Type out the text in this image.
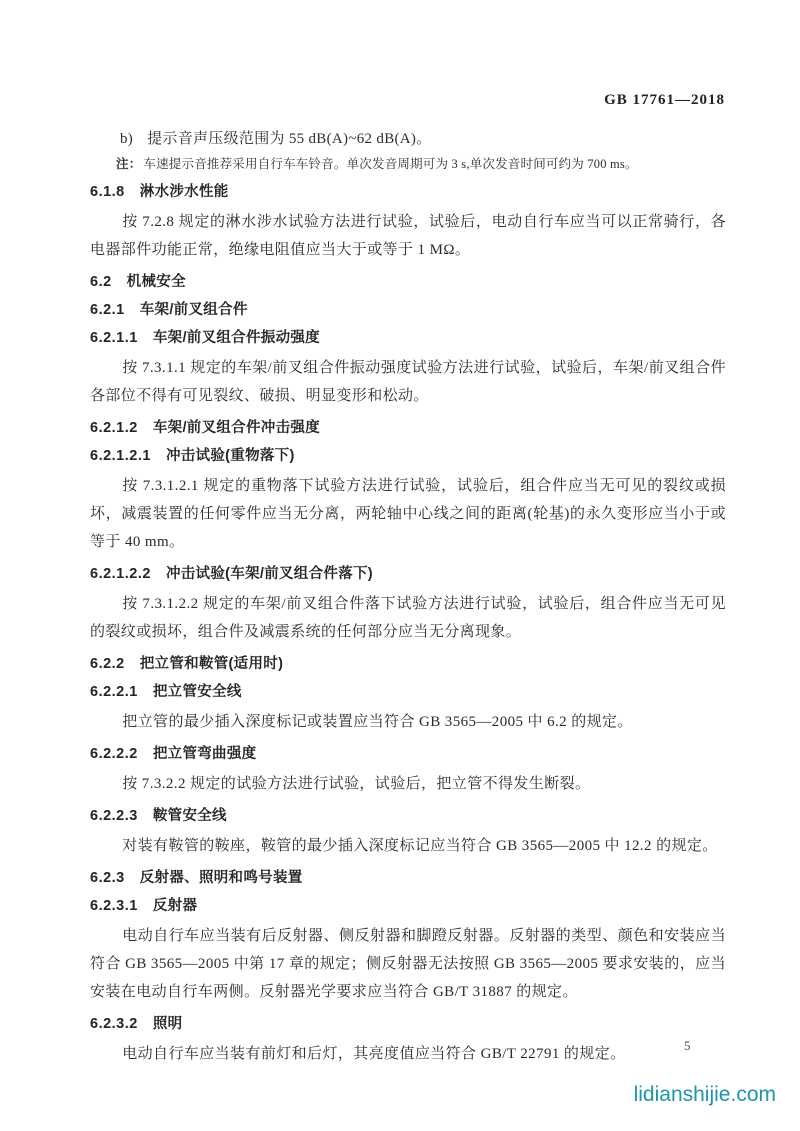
GB 17761—2018
b) 提示音声压级范围为 55 dB(A)~62 dB(A)。
注： 车速提示音推荐采用自行车车铃音。单次发音周期可为 3 s,单次发音时间可约为 700 ms。
6.1.8 淋水涉水性能

按 7.2.8 规定的淋水涉水试验方法进行试验，试验后，电动自行车应当可以正常骑行，各电器部件功能正常，绝缘电阻值应当大于或等于 1 MΩ。

6.2 机械安全
6.2.1 车架/前叉组合件
6.2.1.1 车架/前叉组合件振动强度

按 7.3.1.1 规定的车架/前叉组合件振动强度试验方法进行试验，试验后，车架/前叉组合件各部位不得有可见裂纹、破损、明显变形和松动。

6.2.1.2 车架/前叉组合件冲击强度
6.2.1.2.1 冲击试验(重物落下)

按 7.3.1.2.1 规定的重物落下试验方法进行试验，试验后，组合件应当无可见的裂纹或损坏，减震装置的任何零件应当无分离，两轮轴中心线之间的距离(轮基)的永久变形应当小于或等于 40 mm。

6.2.1.2.2 冲击试验(车架/前叉组合件落下)

按 7.3.1.2.2 规定的车架/前叉组合件落下试验方法进行试验，试验后，组合件应当无可见的裂纹或损坏，组合件及减震系统的任何部分应当无分离现象。

6.2.2 把立管和鞍管(适用时)
6.2.2.1 把立管安全线

把立管的最少插入深度标记或装置应当符合 GB 3565—2005 中 6.2 的规定。

6.2.2.2 把立管弯曲强度

按 7.3.2.2 规定的试验方法进行试验，试验后，把立管不得发生断裂。

6.2.2.3 鞍管安全线

对装有鞍管的鞍座，鞍管的最少插入深度标记应当符合 GB 3565—2005 中 12.2 的规定。

6.2.3 反射器、照明和鸣号装置
6.2.3.1 反射器

电动自行车应当装有后反射器、侧反射器和脚蹬反射器。反射器的类型、颜色和安装应当符合 GB 3565—2005 中第 17 章的规定；侧反射器无法按照 GB 3565—2005 要求安装的，应当安装在电动自行车两侧。反射器光学要求应当符合 GB/T 31887 的规定。

6.2.3.2 照明

电动自行车应当装有前灯和后灯，其亮度值应当符合 GB/T 22791 的规定。

5
lidianshijie.com
